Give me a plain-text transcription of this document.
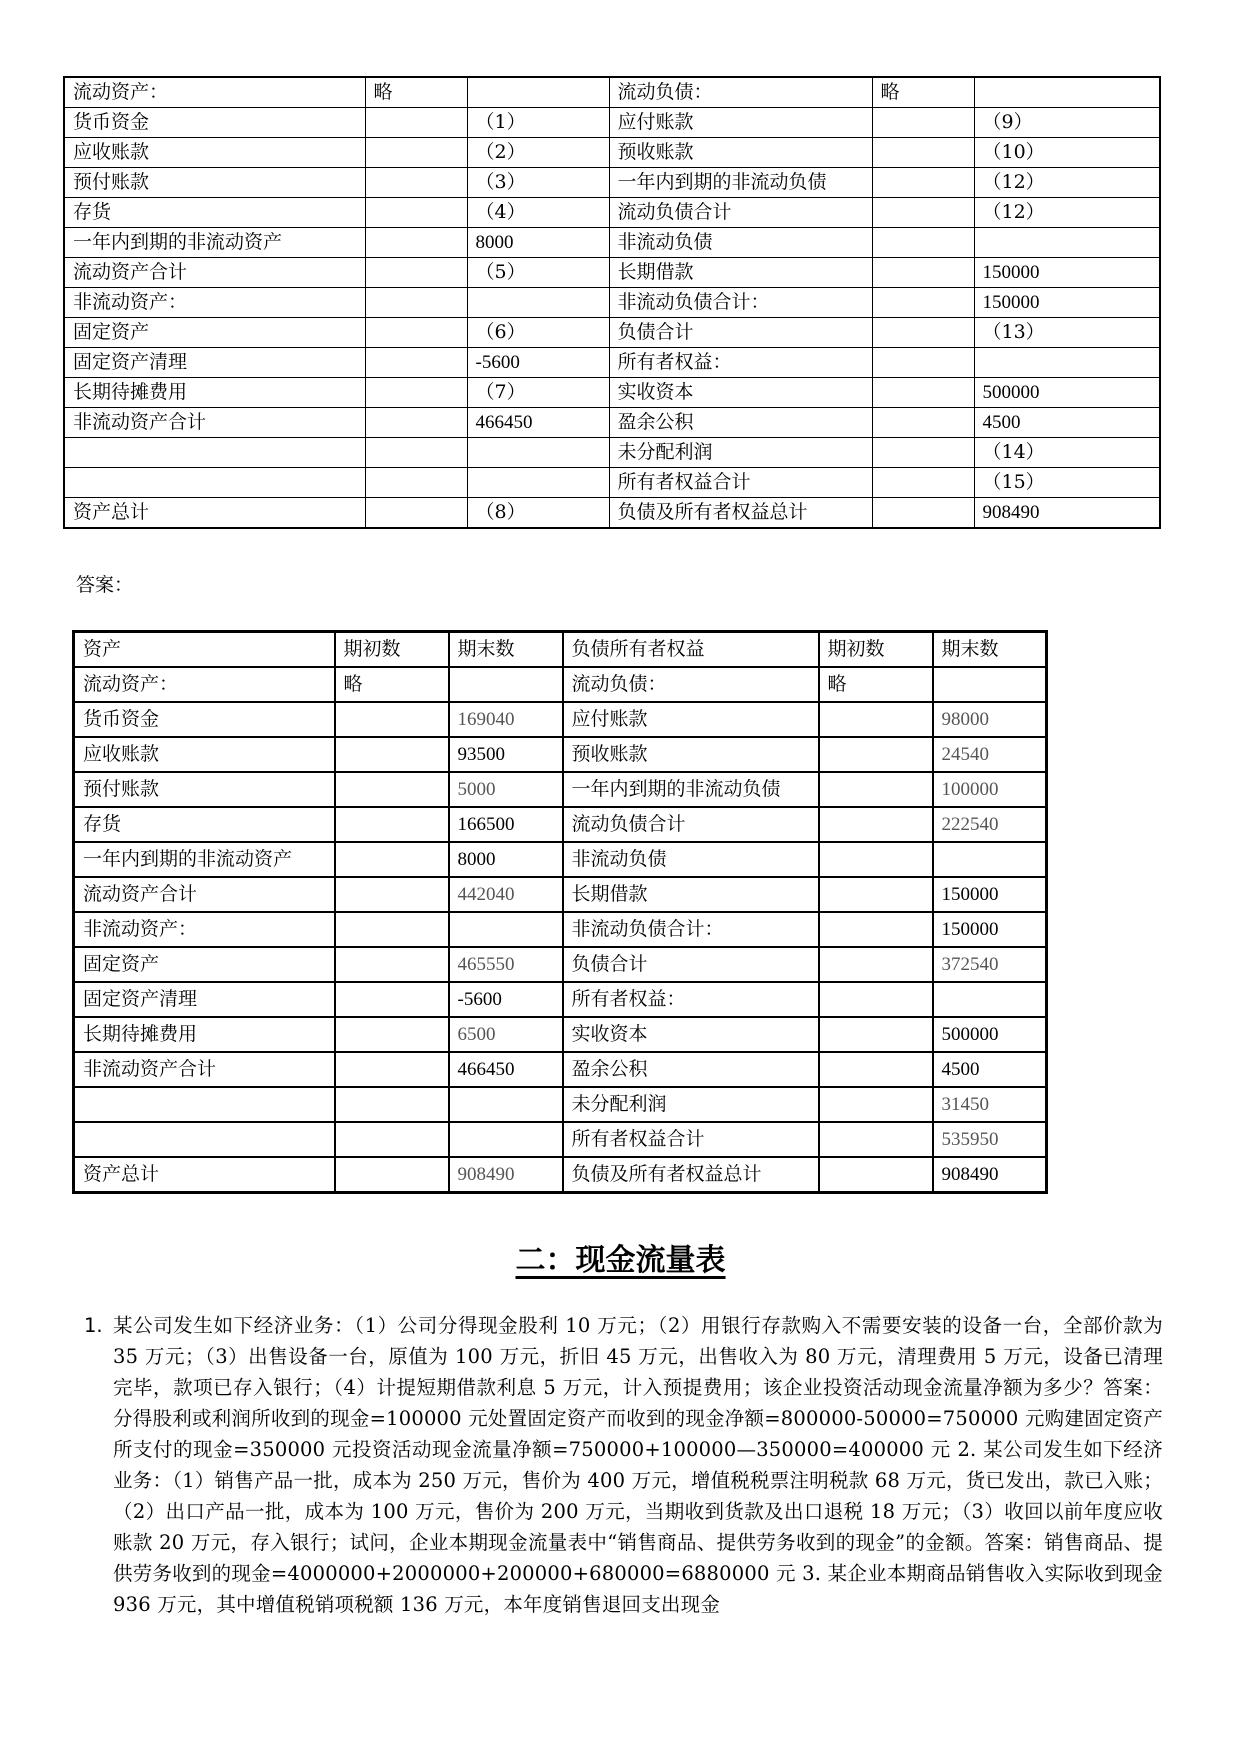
流动资产：	略		流动负债：	略	
货币资金		（1）	应付账款		（9）
应收账款		（2）	预收账款		（10）
预付账款		（3）	一年内到期的非流动负债		（12）
存货		（4）	流动负债合计		（12）
一年内到期的非流动资产		8000	非流动负债		
流动资产合计		（5）	长期借款		150000
非流动资产：			非流动负债合计：		150000
固定资产		（6）	负债合计		（13）
固定资产清理		-5600	所有者权益：		
长期待摊费用		（7）	实收资本		500000
非流动资产合计		466450	盈余公积		4500
			未分配利润		（14）
			所有者权益合计		（15）
资产总计		（8）	负债及所有者权益总计		908490
答案：
资产	期初数	期末数	负债所有者权益	期初数	期末数
流动资产：	略		流动负债：	略	
货币资金		169040	应付账款		98000
应收账款		93500	预收账款		24540
预付账款		5000	一年内到期的非流动负债		100000
存货		166500	流动负债合计		222540
一年内到期的非流动资产		8000	非流动负债		
流动资产合计		442040	长期借款		150000
非流动资产：			非流动负债合计：		150000
固定资产		465550	负债合计		372540
固定资产清理		-5600	所有者权益：		
长期待摊费用		6500	实收资本		500000
非流动资产合计		466450	盈余公积		4500
			未分配利润		31450
			所有者权益合计		535950
资产总计		908490	负债及所有者权益总计		908490
二：现金流量表
1. 某公司发生如下经济业务：（1）公司分得现金股利 10 万元；（2）用银行存款购入不需要安装的设备一台，全部价款为 35 万元；（3）出售设备一台，原值为 100 万元，折旧 45 万元，出售收入为 80 万元，清理费用 5 万元，设备已清理完毕，款项已存入银行；（4）计提短期借款利息 5 万元，计入预提费用；该企业投资活动现金流量净额为多少？答案：分得股利或利润所收到的现金=100000 元处置固定资产而收到的现金净额=800000-50000=750000 元购建固定资产所支付的现金=350000 元投资活动现金流量净额=750000+100000—350000=400000 元 2. 某公司发生如下经济业务：（1）销售产品一批，成本为 250 万元，售价为 400 万元，增值税税票注明税款 68 万元，货已发出，款已入账；（2）出口产品一批，成本为 100 万元，售价为 200 万元，当期收到货款及出口退税 18 万元；（3）收回以前年度应收账款 20 万元，存入银行；试问，企业本期现金流量表中“销售商品、提供劳务收到的现金”的金额。答案：销售商品、提供劳务收到的现金=4000000+2000000+200000+680000=6880000 元 3. 某企业本期商品销售收入实际收到现金 936 万元，其中增值税销项税额 136 万元，本年度销售退回支出现金
